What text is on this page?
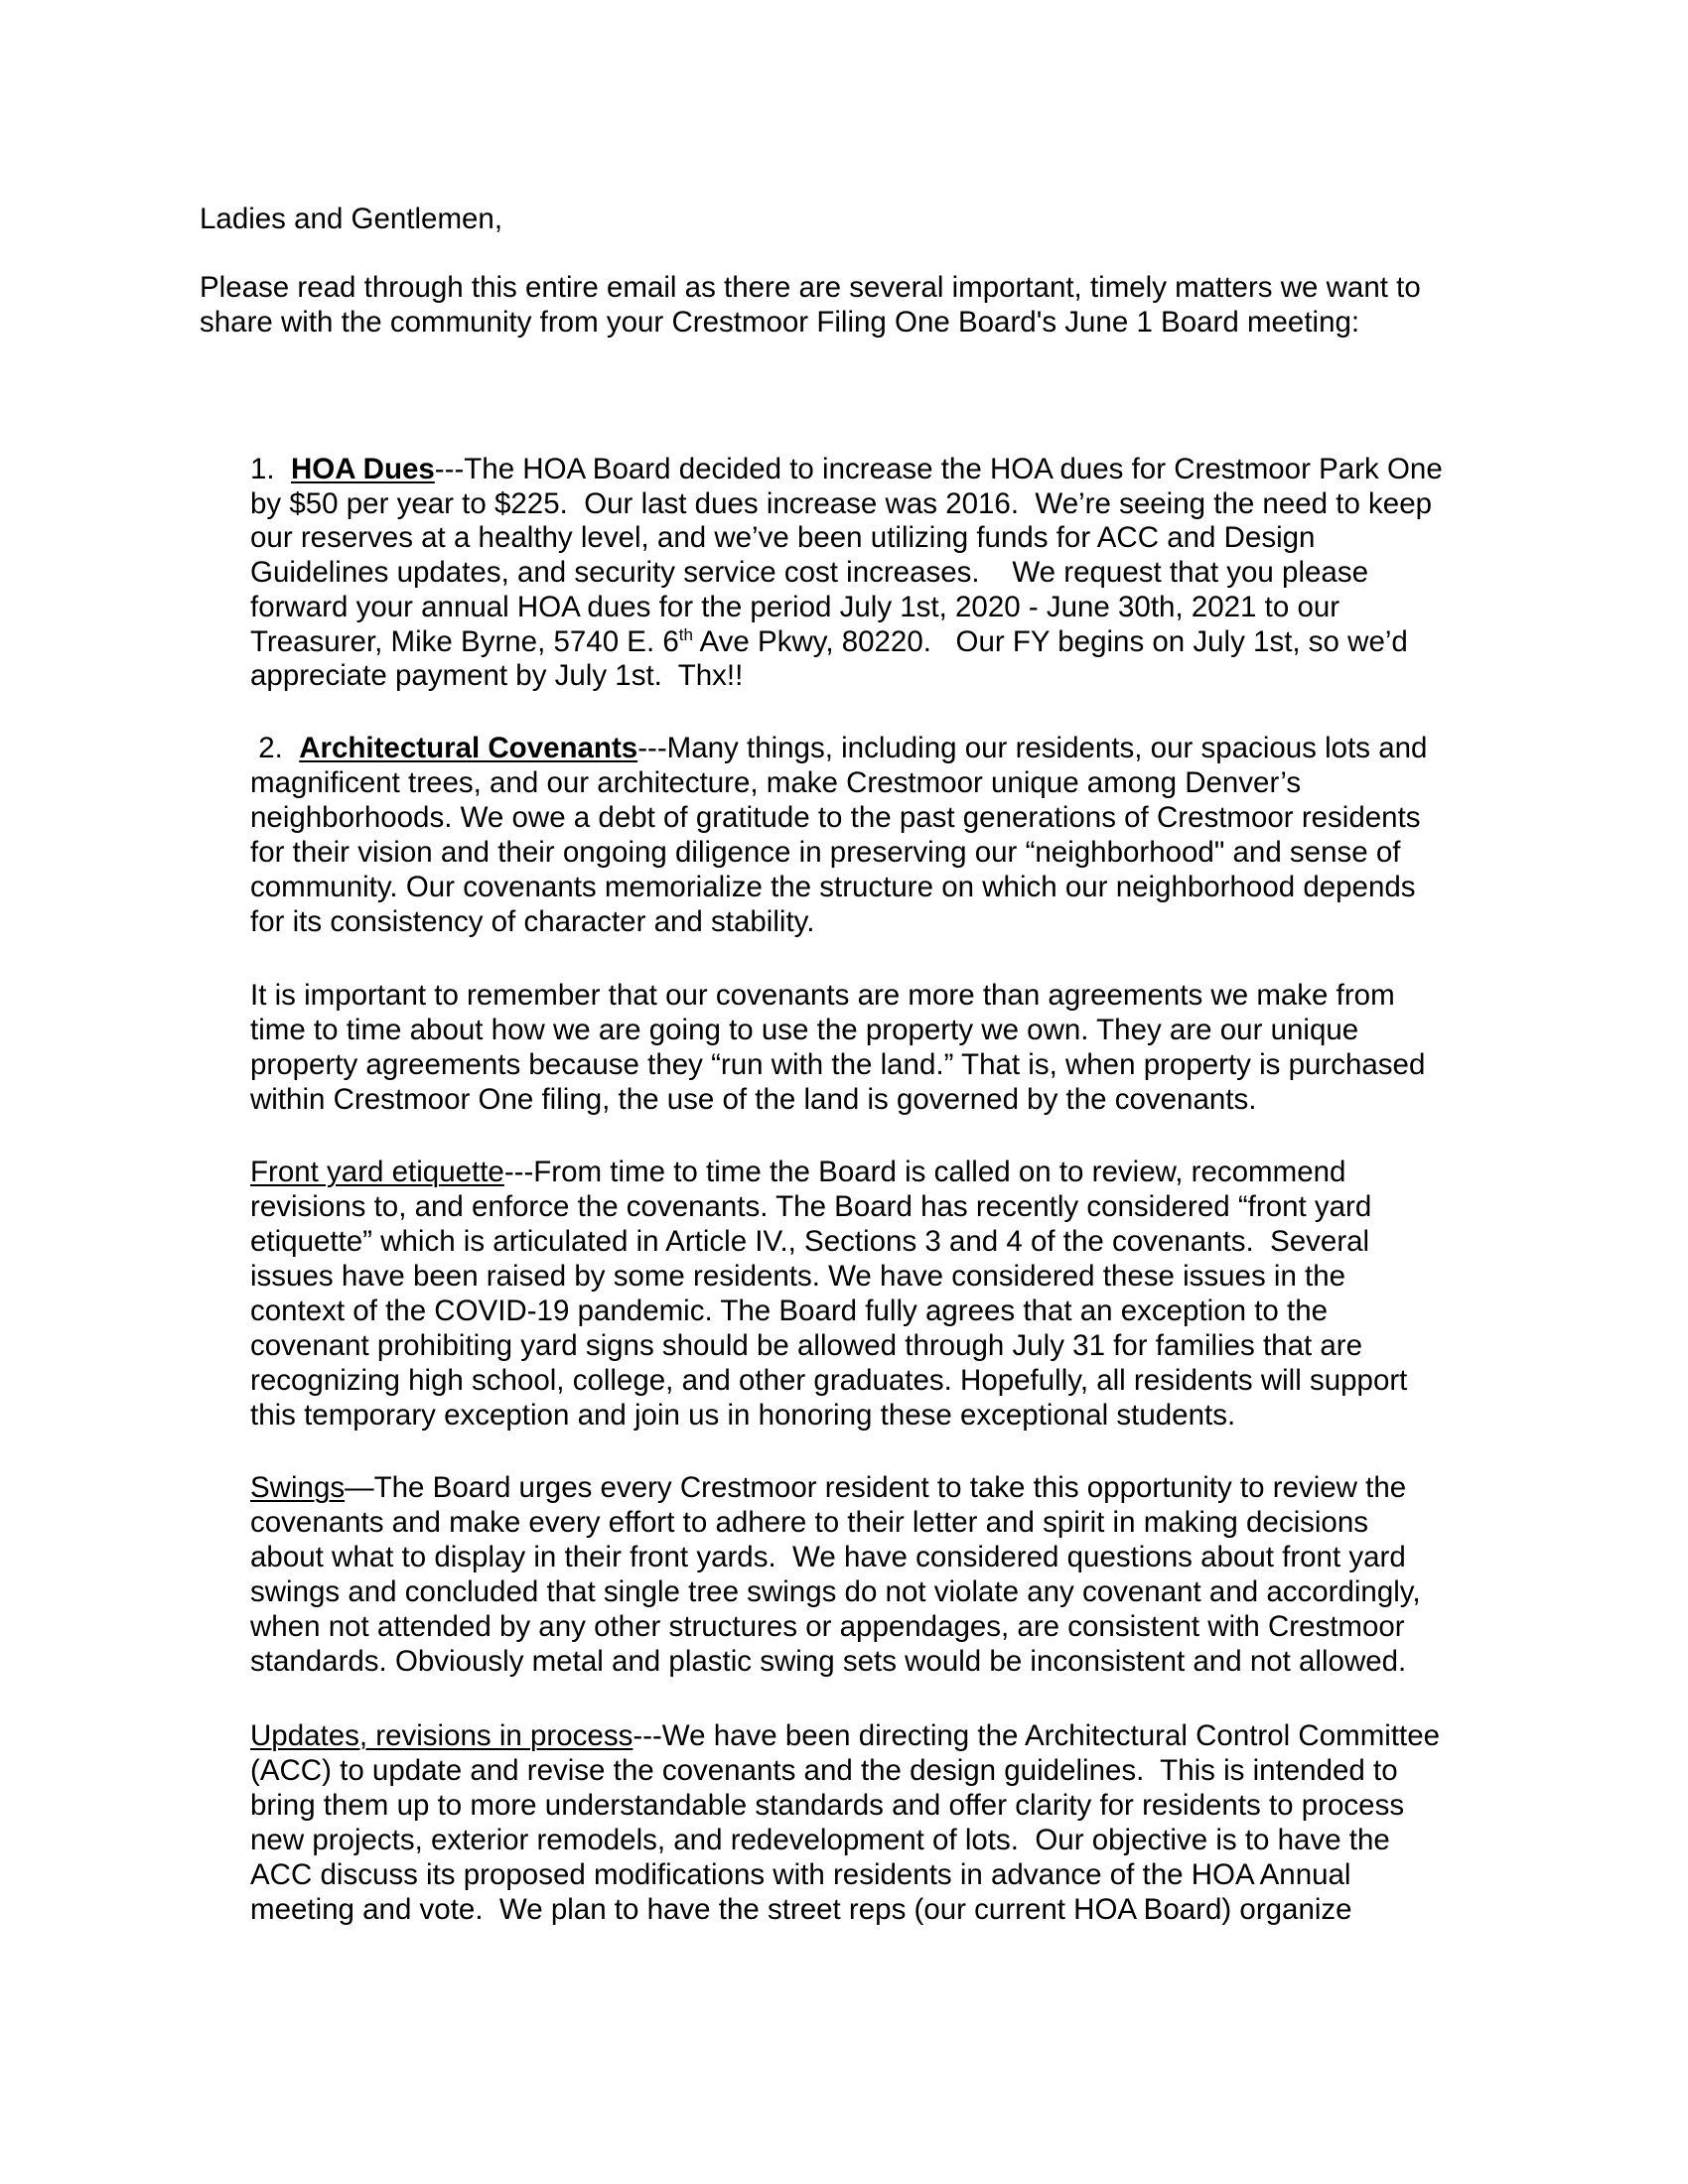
Ladies and Gentlemen,
Please read through this entire email as there are several important, timely matters we want to
share with the community from your Crestmoor Filing One Board's June 1 Board meeting:
1.  HOA Dues---The HOA Board decided to increase the HOA dues for Crestmoor Park One
by $50 per year to $225.  Our last dues increase was 2016.  We’re seeing the need to keep
our reserves at a healthy level, and we’ve been utilizing funds for ACC and Design
Guidelines updates, and security service cost increases.    We request that you please
forward your annual HOA dues for the period July 1st, 2020 - June 30th, 2021 to our
Treasurer, Mike Byrne, 5740 E. 6th Ave Pkwy, 80220.   Our FY begins on July 1st, so we’d
appreciate payment by July 1st.  Thx!!
2.  Architectural Covenants---Many things, including our residents, our spacious lots and
magnificent trees, and our architecture, make Crestmoor unique among Denver’s
neighborhoods. We owe a debt of gratitude to the past generations of Crestmoor residents
for their vision and their ongoing diligence in preserving our “neighborhood" and sense of
community. Our covenants memorialize the structure on which our neighborhood depends
for its consistency of character and stability.
It is important to remember that our covenants are more than agreements we make from
time to time about how we are going to use the property we own. They are our unique
property agreements because they “run with the land.” That is, when property is purchased
within Crestmoor One filing, the use of the land is governed by the covenants.
Front yard etiquette---From time to time the Board is called on to review, recommend
revisions to, and enforce the covenants. The Board has recently considered “front yard
etiquette” which is articulated in Article IV., Sections 3 and 4 of the covenants.  Several
issues have been raised by some residents. We have considered these issues in the
context of the COVID-19 pandemic. The Board fully agrees that an exception to the
covenant prohibiting yard signs should be allowed through July 31 for families that are
recognizing high school, college, and other graduates. Hopefully, all residents will support
this temporary exception and join us in honoring these exceptional students.
Swings—The Board urges every Crestmoor resident to take this opportunity to review the
covenants and make every effort to adhere to their letter and spirit in making decisions
about what to display in their front yards.  We have considered questions about front yard
swings and concluded that single tree swings do not violate any covenant and accordingly,
when not attended by any other structures or appendages, are consistent with Crestmoor
standards. Obviously metal and plastic swing sets would be inconsistent and not allowed.
Updates, revisions in process---We have been directing the Architectural Control Committee
(ACC) to update and revise the covenants and the design guidelines.  This is intended to
bring them up to more understandable standards and offer clarity for residents to process
new projects, exterior remodels, and redevelopment of lots.  Our objective is to have the
ACC discuss its proposed modifications with residents in advance of the HOA Annual
meeting and vote.  We plan to have the street reps (our current HOA Board) organize
